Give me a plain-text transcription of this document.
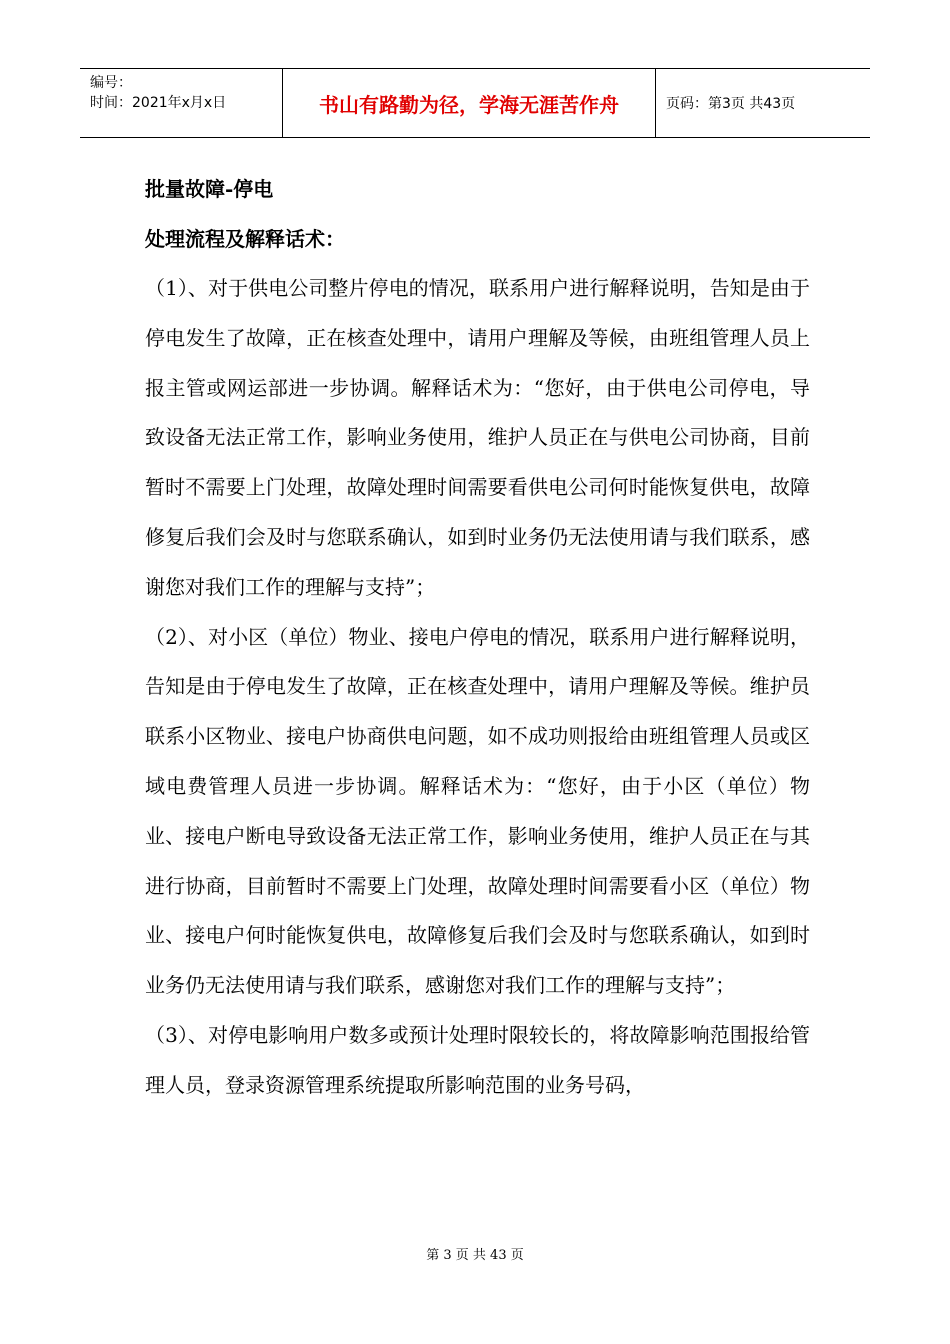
编号：
时间：2021年x月x日	书山有路勤为径，学海无涯苦作舟	页码：第3页 共43页
批量故障-停电
处理流程及解释话术：

（1）、对于供电公司整片停电的情况，联系用户进行解释说明，告知是由于停电发生了故障，正在核查处理中，请用户理解及等候，由班组管理人员上报主管或网运部进一步协调。解释话术为：“您好，由于供电公司停电，导致设备无法正常工作，影响业务使用，维护人员正在与供电公司协商，目前暂时不需要上门处理，故障处理时间需要看供电公司何时能恢复供电，故障修复后我们会及时与您联系确认，如到时业务仍无法使用请与我们联系，感谢您对我们工作的理解与支持”；

（2）、对小区（单位）物业、接电户停电的情况，联系用户进行解释说明，告知是由于停电发生了故障，正在核查处理中，请用户理解及等候。维护员联系小区物业、接电户协商供电问题，如不成功则报给由班组管理人员或区域电费管理人员进一步协调。解释话术为：“您好，由于小区（单位）物业、接电户断电导致设备无法正常工作，影响业务使用，维护人员正在与其进行协商，目前暂时不需要上门处理，故障处理时间需要看小区（单位）物业、接电户何时能恢复供电，故障修复后我们会及时与您联系确认，如到时业务仍无法使用请与我们联系，感谢您对我们工作的理解与支持”；

（3）、对停电影响用户数多或预计处理时限较长的，将故障影响范围报给管理人员，登录资源管理系统提取所影响范围的业务号码，

第 3 页 共 43 页
